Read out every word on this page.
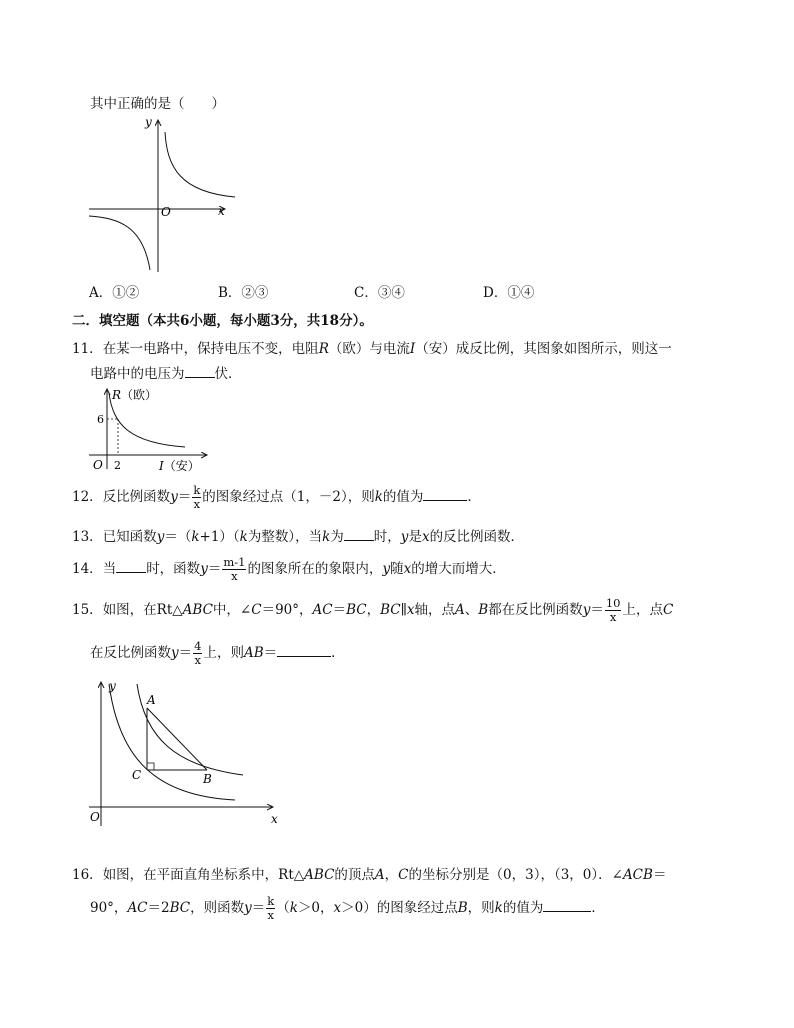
其中正确的是（　　）
y
x
O
A．①②	B．②③	C．③④	D．①④
二．填空题（本共6小题，每小题3分，共18分）。
11．在某一电路中，保持电压不变，电阻R（欧）与电流I（安）成反比例，其图象如图所示，则这一
电路中的电压为 伏．
R（欧）
6
2
O	I（安）
12．反比例函数$y= \frac{k}{x}$ 的图象经过点（1，－2），则k的值为	．
13．已知函数y＝（k+1）（k为整数），当k为 时，y是x的反比例函数．
14．当 时，函数$y= \frac{m-1}{x}$ 的图象所在的象限内，y随x的增大而增大．
15．如图，在Rt△ABC中，∠C＝90°，AC＝BC，BC∥x轴，点A、B都在反比例函数$y= \frac{10}{x}$ 上，点C
在反比例函数$y= \frac{4}{x}$ 上，则AB＝	．
A
B
C
O	x
y
16．如图，在平面直角坐标系中，Rt△ABC的顶点A，C的坐标分别是（0，3），（3，0）．∠ACB＝
90°，AC＝2BC，则函数$y= \frac{k}{x} (k>0$，x＞0）的图象经过点B，则k的值为	．
